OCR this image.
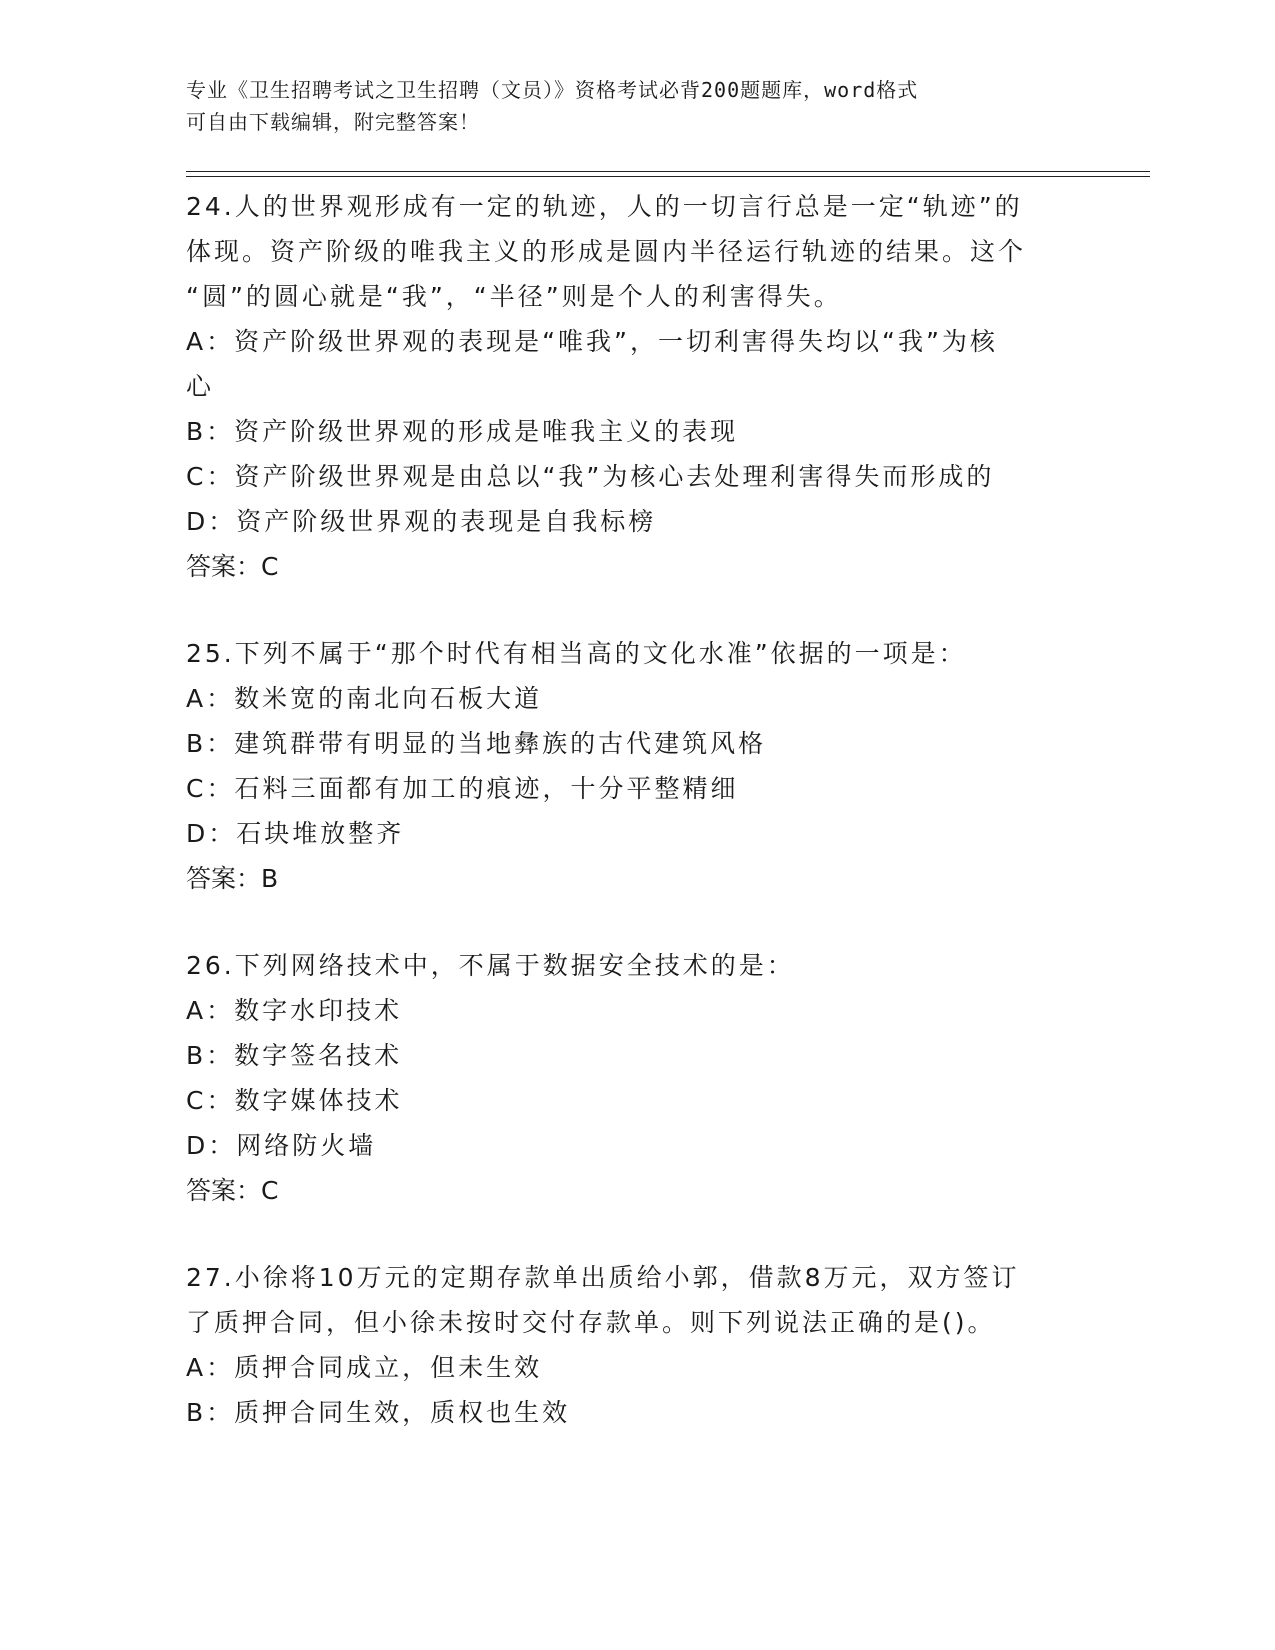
专业《卫生招聘考试之卫生招聘（文员）》资格考试必背200题题库，word格式
可自由下载编辑，附完整答案！
24.人的世界观形成有一定的轨迹，人的一切言行总是一定“轨迹”的
体现。资产阶级的唯我主义的形成是圆内半径运行轨迹的结果。这个
“圆”的圆心就是“我”，“半径”则是个人的利害得失。
A：资产阶级世界观的表现是“唯我”，一切利害得失均以“我”为核
心
B：资产阶级世界观的形成是唯我主义的表现
C：资产阶级世界观是由总以“我”为核心去处理利害得失而形成的
D：资产阶级世界观的表现是自我标榜
答案：C
25.下列不属于“那个时代有相当高的文化水准”依据的一项是：
A：数米宽的南北向石板大道
B：建筑群带有明显的当地彝族的古代建筑风格
C：石料三面都有加工的痕迹，十分平整精细
D：石块堆放整齐
答案：B
26.下列网络技术中，不属于数据安全技术的是：
A：数字水印技术
B：数字签名技术
C：数字媒体技术
D：网络防火墙
答案：C
27.小徐将10万元的定期存款单出质给小郭，借款8万元，双方签订
了质押合同，但小徐未按时交付存款单。则下列说法正确的是()。
A：质押合同成立，但未生效
B：质押合同生效，质权也生效
